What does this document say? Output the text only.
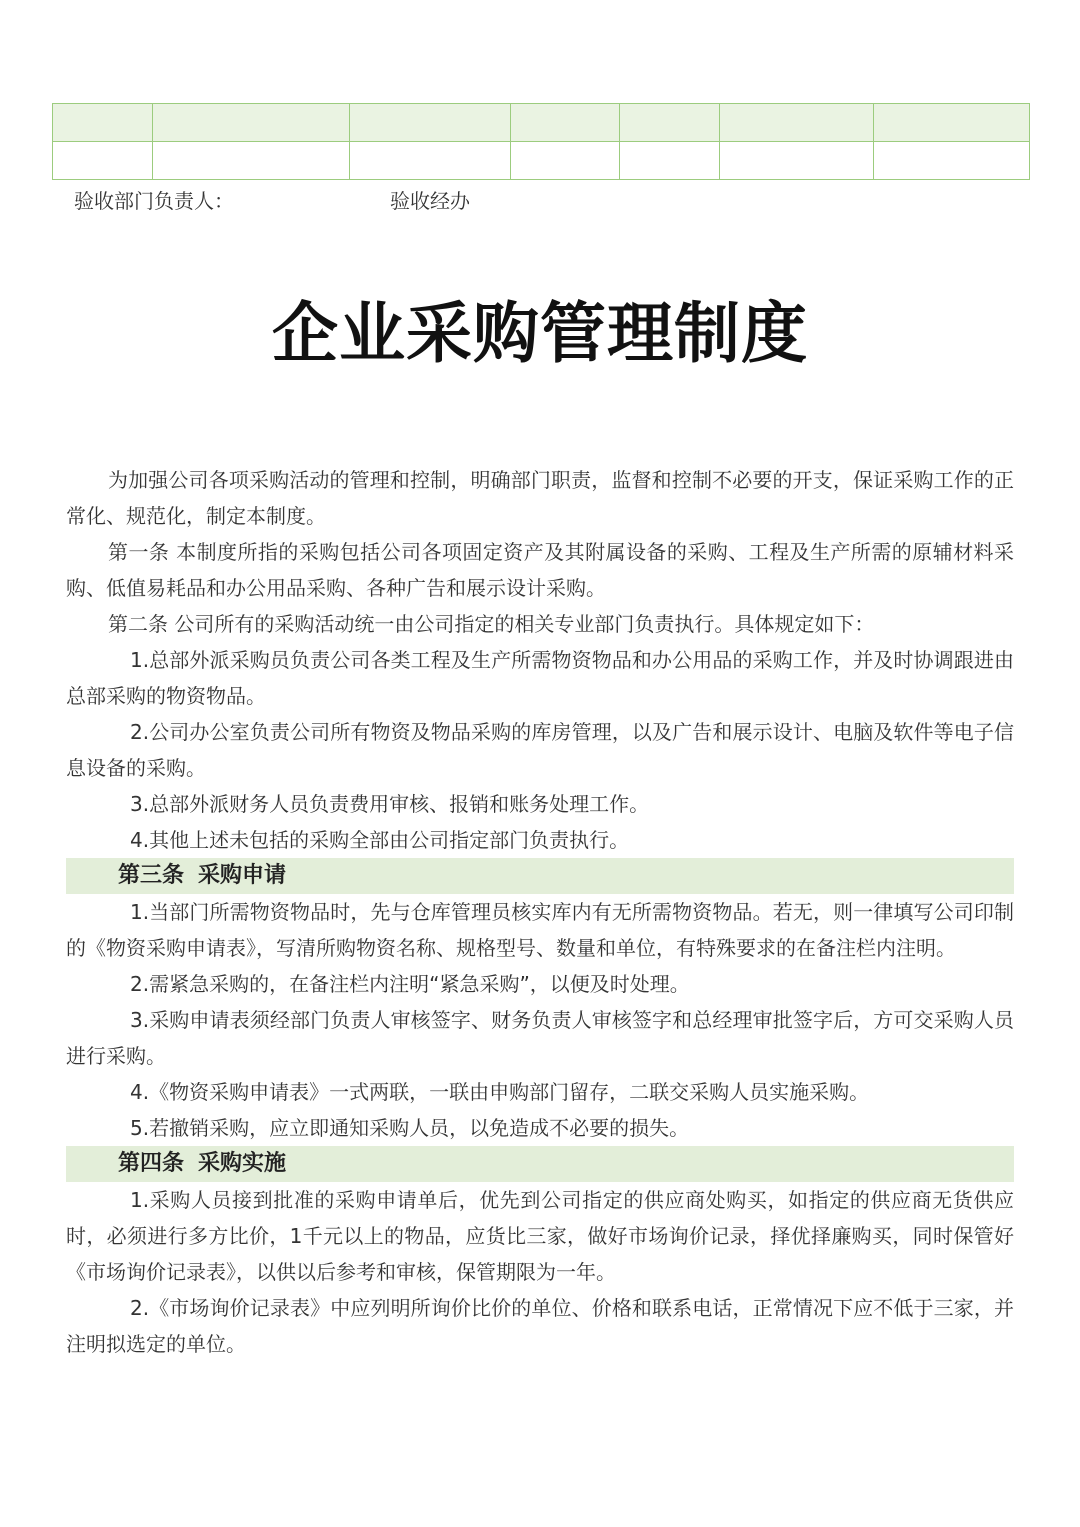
验收部门负责人：	验收经办
企业采购管理制度

为加强公司各项采购活动的管理和控制，明确部门职责，监督和控制不必要的开支，保证采购工作的正常化、规范化，制定本制度。

第一条 本制度所指的采购包括公司各项固定资产及其附属设备的采购、工程及生产所需的原辅材料采购、低值易耗品和办公用品采购、各种广告和展示设计采购。

第二条 公司所有的采购活动统一由公司指定的相关专业部门负责执行。具体规定如下：

1.总部外派采购员负责公司各类工程及生产所需物资物品和办公用品的采购工作，并及时协调跟进由总部采购的物资物品。

2.公司办公室负责公司所有物资及物品采购的库房管理，以及广告和展示设计、电脑及软件等电子信息设备的采购。

3.总部外派财务人员负责费用审核、报销和账务处理工作。

4.其他上述未包括的采购全部由公司指定部门负责执行。

第三条 采购申请

1.当部门所需物资物品时，先与仓库管理员核实库内有无所需物资物品。若无，则一律填写公司印制的《物资采购申请表》，写清所购物资名称、规格型号、数量和单位，有特殊要求的在备注栏内注明。

2.需紧急采购的，在备注栏内注明“紧急采购”，以便及时处理。

3.采购申请表须经部门负责人审核签字、财务负责人审核签字和总经理审批签字后，方可交采购人员进行采购。

4.《物资采购申请表》一式两联，一联由申购部门留存，二联交采购人员实施采购。

5.若撤销采购，应立即通知采购人员，以免造成不必要的损失。

第四条 采购实施

1.采购人员接到批准的采购申请单后，优先到公司指定的供应商处购买，如指定的供应商无货供应时，必须进行多方比价，1千元以上的物品，应货比三家，做好市场询价记录，择优择廉购买，同时保管好《市场询价记录表》，以供以后参考和审核，保管期限为一年。

2.《市场询价记录表》中应列明所询价比价的单位、价格和联系电话，正常情况下应不低于三家，并注明拟选定的单位。
